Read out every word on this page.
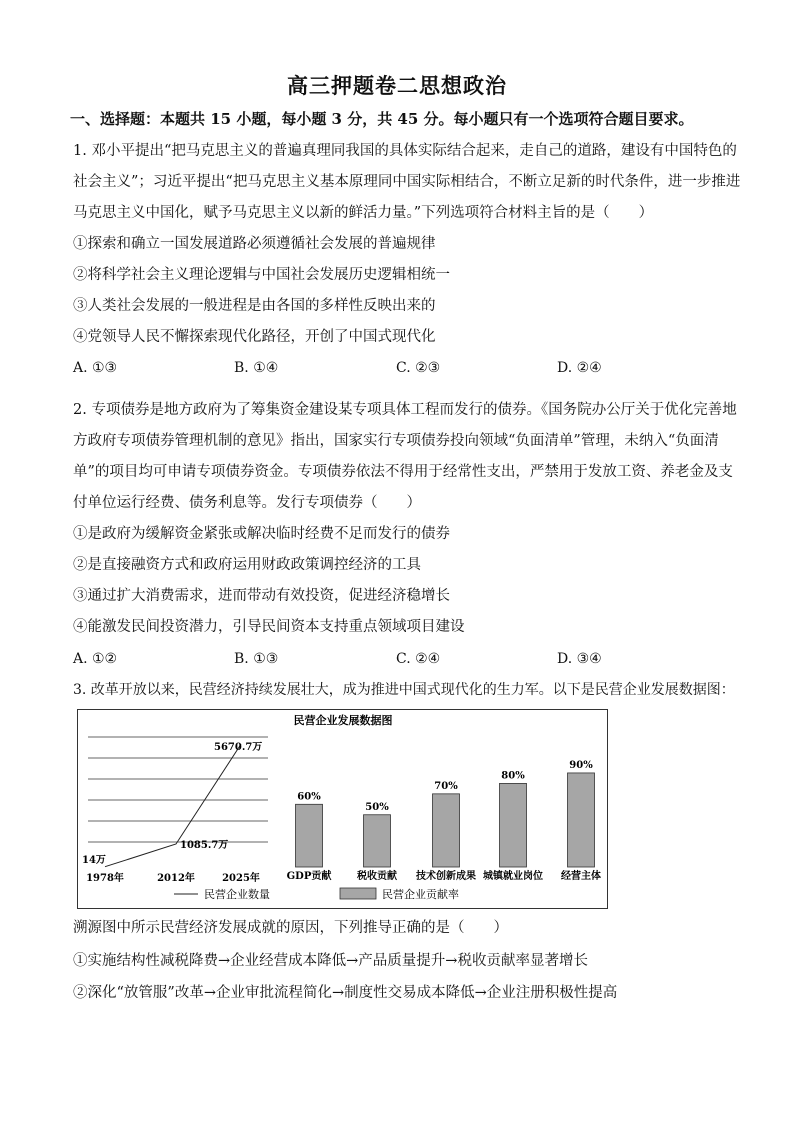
高三押题卷二思想政治
一、选择题：本题共 15 小题，每小题 3 分，共 45 分。每小题只有一个选项符合题目要求。
1. 邓小平提出“把马克思主义的普遍真理同我国的具体实际结合起来，走自己的道路，建设有中国特色的
社会主义”；习近平提出“把马克思主义基本原理同中国实际相结合，不断立足新的时代条件，进一步推进
马克思主义中国化，赋予马克思主义以新的鲜活力量。”下列选项符合材料主旨的是（　　）
①探索和确立一国发展道路必须遵循社会发展的普遍规律
②将科学社会主义理论逻辑与中国社会发展历史逻辑相统一
③人类社会发展的一般进程是由各国的多样性反映出来的
④党领导人民不懈探索现代化路径，开创了中国式现代化
A. ①③	B. ①④	C. ②③	D. ②④
2. 专项债券是地方政府为了筹集资金建设某专项具体工程而发行的债券。《国务院办公厅关于优化完善地
方政府专项债券管理机制的意见》指出，国家实行专项债券投向领域“负面清单”管理，未纳入“负面清
单”的项目均可申请专项债券资金。专项债券依法不得用于经常性支出，严禁用于发放工资、养老金及支
付单位运行经费、债务利息等。发行专项债券（　　）
①是政府为缓解资金紧张或解决临时经费不足而发行的债券
②是直接融资方式和政府运用财政政策调控经济的工具
③通过扩大消费需求，进而带动有效投资，促进经济稳增长
④能激发民间投资潜力，引导民间资本支持重点领域项目建设
A. ①②	B. ①③	C. ②④	D. ③④
3. 改革开放以来，民营经济持续发展壮大，成为推进中国式现代化的生力军。以下是民营企业发展数据图：
民营企业发展数据图
14万
1085.7万
5670.7万
1978年	2012年	2025年
60%
GDP贡献
50%
税收贡献
70%
技术创新成果
80%
城镇就业岗位
90%
经营主体
民营企业数量	民营企业贡献率
溯源图中所示民营经济发展成就的原因，下列推导正确的是（　　）
①实施结构性减税降费→企业经营成本降低→产品质量提升→税收贡献率显著增长
②深化“放管服”改革→企业审批流程简化→制度性交易成本降低→企业注册积极性提高
